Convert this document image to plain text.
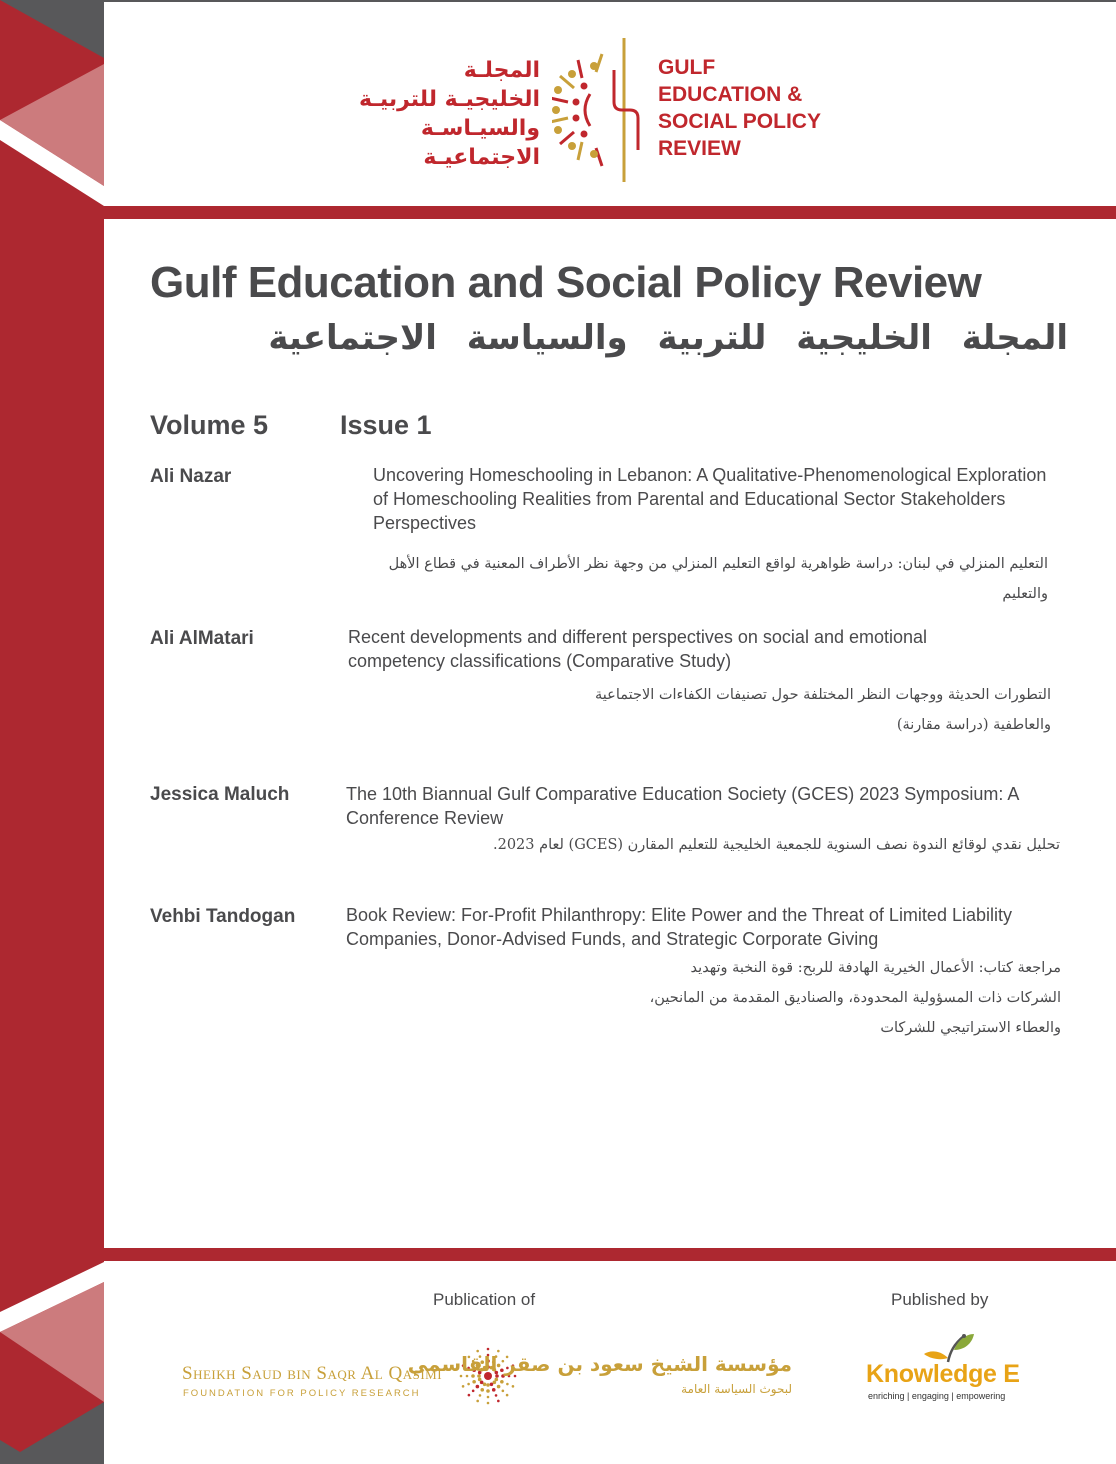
المجلـة
الخليجيـة للتربيـة
والسيـاسـة
الاجتماعيـة
GULF
EDUCATION &
SOCIAL POLICY
REVIEW
Gulf Education and Social Policy Review
المجلة الخليجية للتربية والسياسة الاجتماعية
Volume 5	Issue 1
Ali Nazar	Uncovering Homeschooling in Lebanon: A Qualitative-Phenomenological Exploration of Homeschooling Realities from Parental and Educational Sector Stakeholders Perspectives
التعليم المنزلي في لبنان: دراسة ظواهرية لواقع التعليم المنزلي من وجهة نظر الأطراف المعنية في قطاع الأهل والتعليم
Ali AlMatari	Recent developments and different perspectives on social and emotional competency classifications (Comparative Study)
التطورات الحديثة ووجهات النظر المختلفة حول تصنيفات الكفاءات الاجتماعية والعاطفية (دراسة مقارنة)
Jessica Maluch	The 10th Biannual Gulf Comparative Education Society (GCES) 2023 Symposium: A Conference Review
تحليل نقدي لوقائع الندوة نصف السنوية للجمعية الخليجية للتعليم المقارن (GCES) لعام 2023.
Vehbi Tandogan	Book Review: For-Profit Philanthropy: Elite Power and the Threat of Limited Liability Companies, Donor-Advised Funds, and Strategic Corporate Giving
مراجعة كتاب: الأعمال الخيرية الهادفة للربح: قوة النخبة وتهديد الشركات ذات المسؤولية المحدودة، والصناديق المقدمة من المانحين، والعطاء الاستراتيجي للشركات
Publication of	Published by
Sheikh Saud bin Saqr Al Qasimi
FOUNDATION FOR POLICY RESEARCH
مؤسسة الشيخ سعود بن صقر القاسمي
لبحوث السياسة العامة
Knowledge E
enriching | engaging | empowering
